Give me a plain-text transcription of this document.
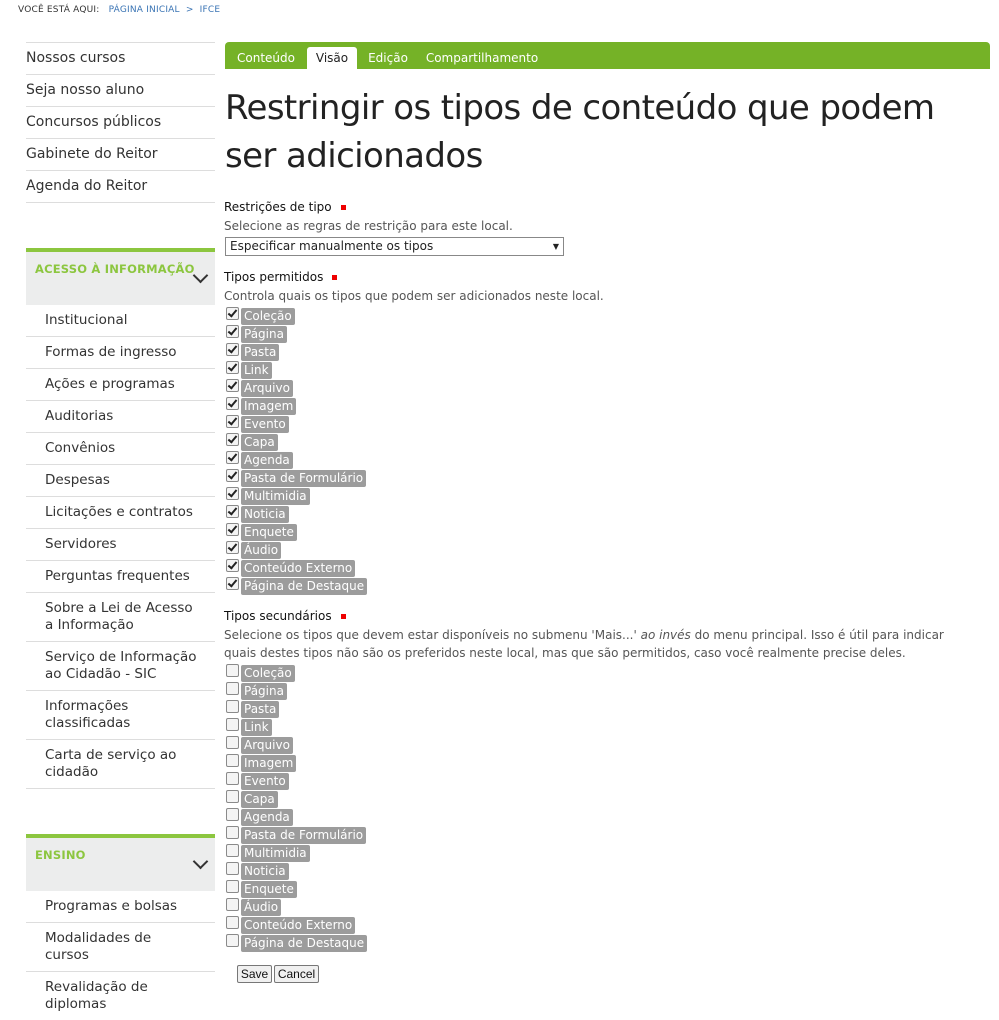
VOCÊ ESTÁ AQUI: PÁGINA INICIAL > IFCE
Nossos cursos
Seja nosso aluno
Concursos públicos
Gabinete do Reitor
Agenda do Reitor
ACESSO À INFORMAÇÃO
Institucional
Formas de ingresso
Ações e programas
Auditorias
Convênios
Despesas
Licitações e contratos
Servidores
Perguntas frequentes
Sobre a Lei de Acesso a Informação
Serviço de Informação ao Cidadão - SIC
Informações classificadas
Carta de serviço ao cidadão
ENSINO
Programas e bolsas
Modalidades de cursos
Revalidação de diplomas
Conteúdo	Visão	Edição	Compartilhamento
Restringir os tipos de conteúdo que podem ser adicionados
Restrições de tipo
Selecione as regras de restrição para este local.
Especificar manualmente os tipos	▼
Tipos permitidos
Controla quais os tipos que podem ser adicionados neste local.
Coleção
Página
Pasta
Link
Arquivo
Imagem
Evento
Capa
Agenda
Pasta de Formulário
Multimidia
Noticia
Enquete
Áudio
Conteúdo Externo
Página de Destaque
Tipos secundários
Selecione os tipos que devem estar disponíveis no submenu 'Mais...' ao invés do menu principal. Isso é útil para indicar quais destes tipos não são os preferidos neste local, mas que são permitidos, caso você realmente precise deles.
Coleção
Página
Pasta
Link
Arquivo
Imagem
Evento
Capa
Agenda
Pasta de Formulário
Multimidia
Noticia
Enquete
Áudio
Conteúdo Externo
Página de Destaque
Save Cancel
